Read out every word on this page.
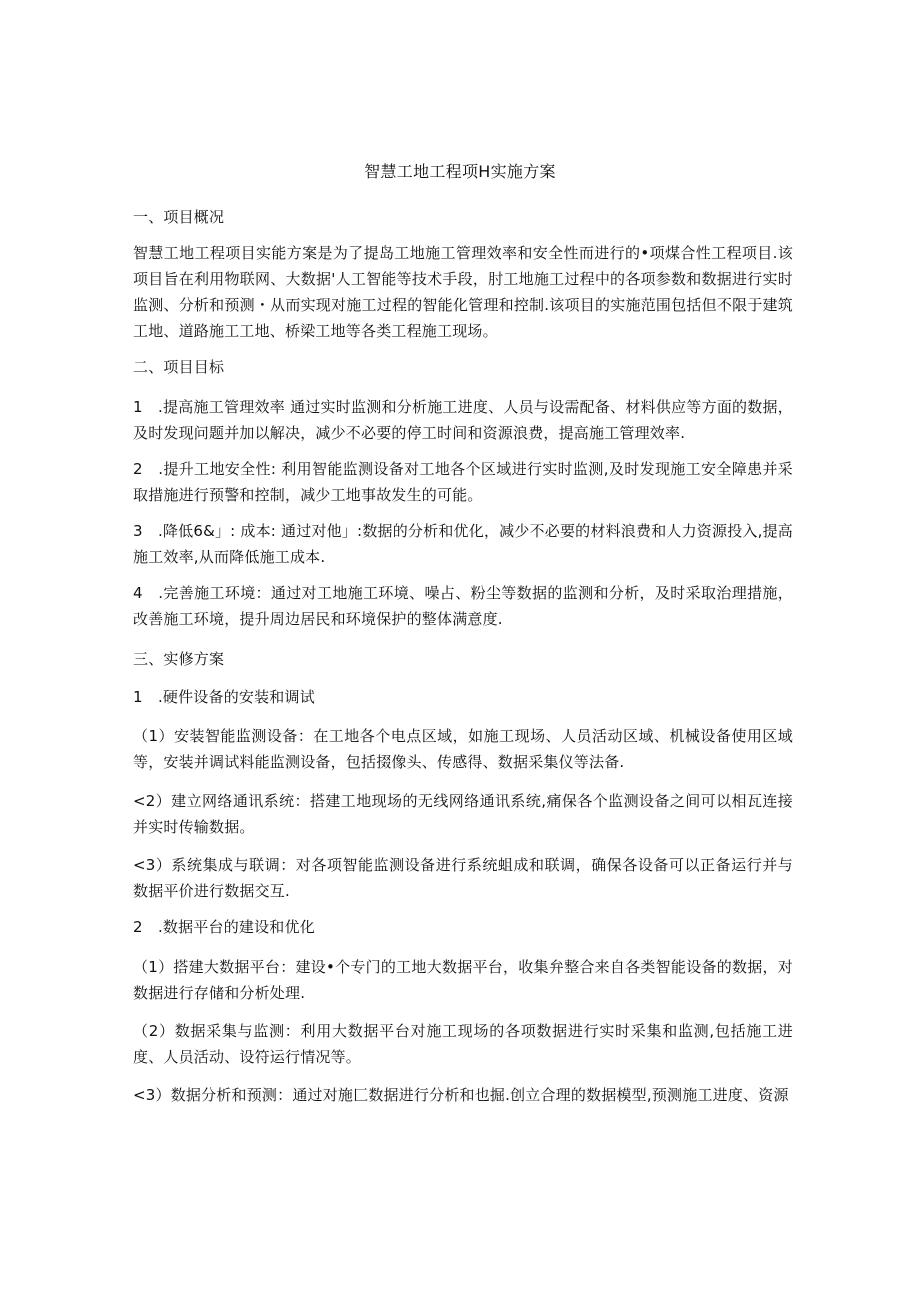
智慧工地工程项H实施方案

一、项目概况

智慧工地工程项目实能方案是为了提岛工地施工管理效率和安全性而进行的•项煤合性工程项目.该项目旨在利用物联网、大数据'人工智能等技术手段，肘工地施工过程中的各项参数和数据进行实时监测、分析和预测・从而实现对施工过程的智能化管理和控制.该项目的实施范围包括但不限于建筑工地、道路施工工地、桥梁工地等各类工程施工现场。

二、项目目标

1　.提高施工管理效率 通过实时监测和分析施工进度、人员与设需配备、材料供应等方面的数据，及时发现问题并加以解决，减少不必要的停工时间和资源浪费，提高施工管理效率.

2　.提升工地安全性: 利用智能监测设备对工地各个区域进行实时监测,及时发现施工安全障患并采取措施进行预警和控制，减少工地事故发生的可能。

3　.降低6&」: 成本: 通过对他」:数据的分析和优化，减少不必要的材料浪费和人力资源投入,提高施工效率,从而降低施工成本.

4　.完善施工环境：通过对工地施工环境、噪占、粉尘等数据的监测和分析，及时采取治理措施，改善施工环境，提升周边居民和环境保护的整体满意度.

三、实修方案

1　.硬件设备的安装和调试

（1）安装智能监测设备：在工地各个电点区域，如施工现场、人员活动区域、机械设备使用区域等，安装并调试料能监测设备，包括掇像头、传感得、数据采集仪等法备.

<2）建立网络通讯系统：搭建工地现场的无线网络通讯系统,痛保各个监测设备之间可以相瓦连接并实时传输数据。

<3）系统集成与联调：对各项智能监测设备进行系统蛆成和联调，确保各设备可以正备运行并与数据平价进行数据交互.

2　.数据平台的建设和优化

（1）搭建大数据平台：建设•个专门的工地大数据平台，收集弁整合来自各类智能设备的数据，对数据进行存储和分析处理.

（2）数据采集与监测：利用大数据平台对施工现场的各项数据进行实时采集和监测,包括施工进度、人员活动、设符运行情况等。

<3）数据分析和预测：通过对施匚数据进行分析和也掘.创立合理的数据模型,预测施工进度、资源
